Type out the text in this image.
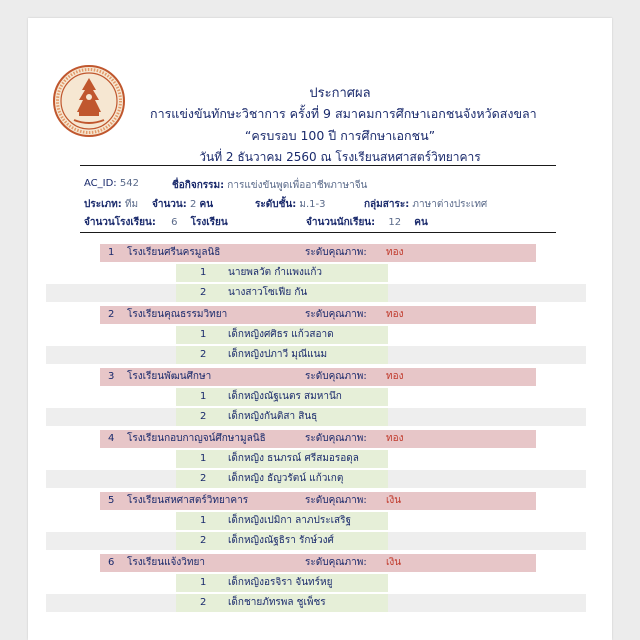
ประกาศผล
การแข่งขันทักษะวิชาการ ครั้งที่ 9 สมาคมการศึกษาเอกชนจังหวัดสงขลา
“ครบรอบ 100 ปี การศึกษาเอกชน”
วันที่ 2 ธันวาคม 2560 ณ โรงเรียนสหศาสตร์วิทยาคาร
AC_ID: 542	ชื่อกิจกรรม: การแข่งขันพูดเพื่ออาชีพภาษาจีน
ประเภท: ทีม จำนวน: 2 คน	ระดับชั้น: ม.1-3	กลุ่มสาระ: ภาษาต่างประเทศ
จำนวนโรงเรียน: 6 โรงเรียน	จำนวนนักเรียน: 12 คน
1 โรงเรียนศรีนครมูลนิธิ	ระดับคุณภาพ: ทอง
1 นายพลวัต กำแพงแก้ว
2 นางสาวโซเฟีย กัน
2 โรงเรียนคุณธรรมวิทยา	ระดับคุณภาพ: ทอง
1 เด็กหญิงศศิธร แก้วสอาด
2 เด็กหญิงปภาวี มุณีแนม
3 โรงเรียนพัฒนศึกษา	ระดับคุณภาพ: ทอง
1 เด็กหญิงณัฐเนตร สมหานึก
2 เด็กหญิงกันติสา สินธุ
4 โรงเรียนกอบกาญจน์ศึกษามูลนิธิ	ระดับคุณภาพ: ทอง
1 เด็กหญิง ธนภรณ์ ศรีสมอรอดุล
2 เด็กหญิง ธัญวรัตน์ แก้วเกตุ
5 โรงเรียนสหศาสตร์วิทยาคาร	ระดับคุณภาพ: เงิน
1 เด็กหญิงเปมิกา ลาภประเสริฐ
2 เด็กหญิงณัฐธิรา รักษ์วงศ์
6 โรงเรียนแจ้งวิทยา	ระดับคุณภาพ: เงิน
1 เด็กหญิงอรจิรา จันทร์หยู
2 เด็กชายภัทรพล ชูเพ็ชร
